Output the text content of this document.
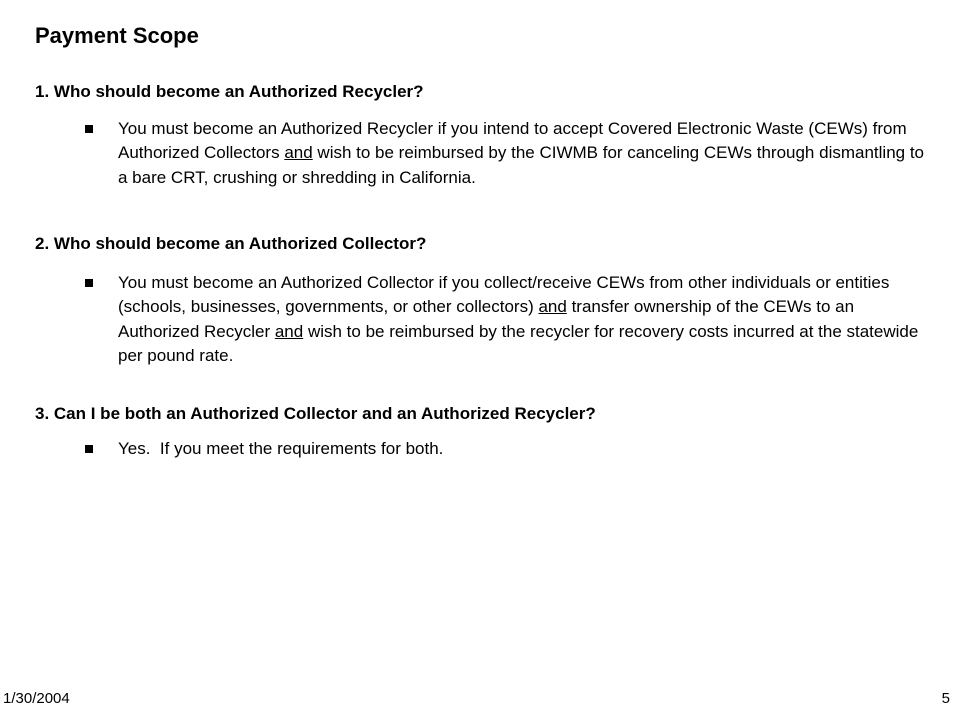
Payment Scope
1. Who should become an Authorized Recycler?
You must become an Authorized Recycler if you intend to accept Covered Electronic Waste (CEWs) from Authorized Collectors and wish to be reimbursed by the CIWMB for canceling CEWs through dismantling to a bare CRT, crushing or shredding in California.
2. Who should become an Authorized Collector?
You must become an Authorized Collector if you collect/receive CEWs from other individuals or entities (schools, businesses, governments, or other collectors) and transfer ownership of the CEWs to an Authorized Recycler and wish to be reimbursed by the recycler for recovery costs incurred at the statewide per pound rate.
3. Can I be both an Authorized Collector and an Authorized Recycler?
Yes.  If you meet the requirements for both.
1/30/2004	5
